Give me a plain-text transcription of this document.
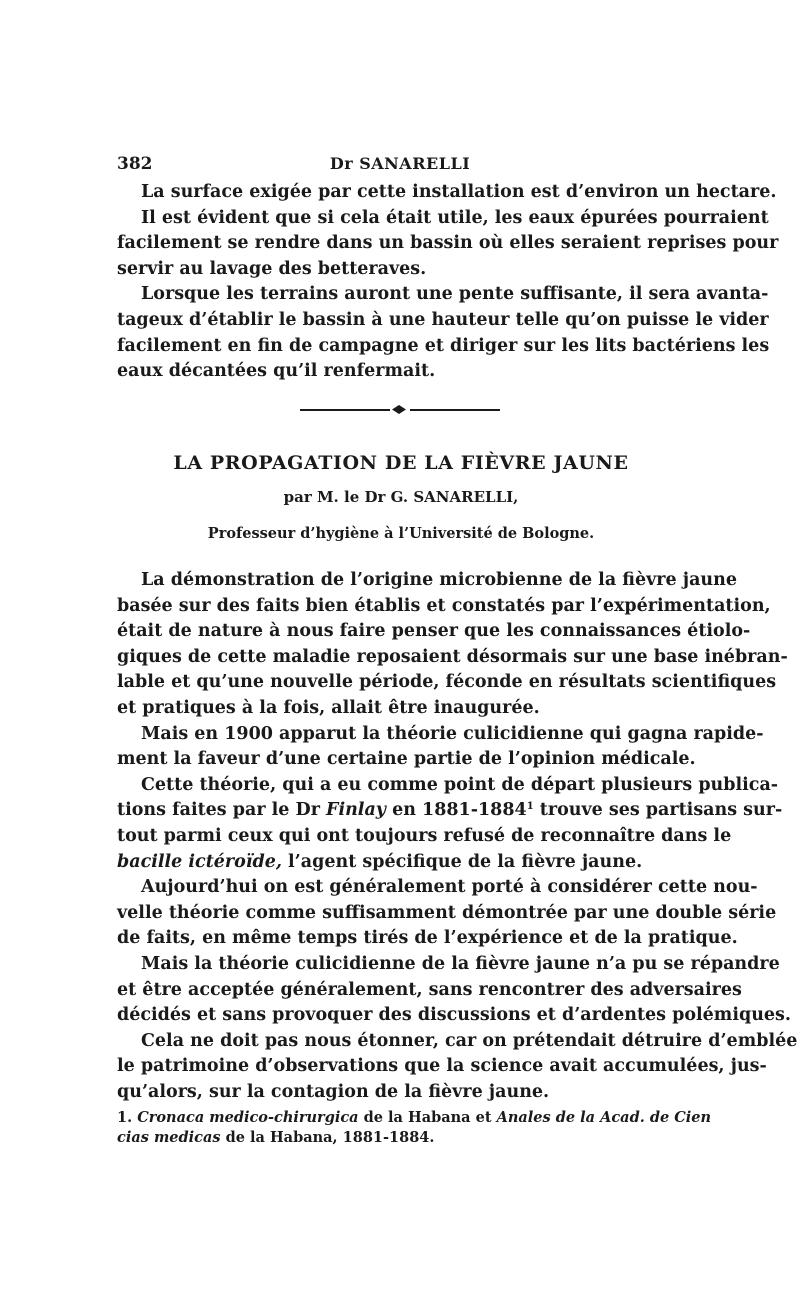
382	Dr SANARELLI
La surface exigée par cette installation est d’environ un hectare.
Il est évident que si cela était utile, les eaux épurées pourraient
facilement se rendre dans un bassin où elles seraient reprises pour
servir au lavage des betteraves.
Lorsque les terrains auront une pente suffisante, il sera avanta-
tageux d’établir le bassin à une hauteur telle qu’on puisse le vider
facilement en fin de campagne et diriger sur les lits bactériens les
eaux décantées qu’il renfermait.
LA PROPAGATION DE LA FIÈVRE JAUNE
par M. le Dr G. SANARELLI,
Professeur d’hygiène à l’Université de Bologne.
La démonstration de l’origine microbienne de la fièvre jaune
basée sur des faits bien établis et constatés par l’expérimentation,
était de nature à nous faire penser que les connaissances étiolo-
giques de cette maladie reposaient désormais sur une base inébran-
lable et qu’une nouvelle période, féconde en résultats scientifiques
et pratiques à la fois, allait être inaugurée.
Mais en 1900 apparut la théorie culicidienne qui gagna rapide-
ment la faveur d’une certaine partie de l’opinion médicale.
Cette théorie, qui a eu comme point de départ plusieurs publica-
tions faites par le Dr Finlay en 1881-1884$^1$ trouve ses partisans sur-
tout parmi ceux qui ont toujours refusé de reconnaître dans le
bacille ictéroïde, l’agent spécifique de la fièvre jaune.
Aujourd’hui on est généralement porté à considérer cette nou-
velle théorie comme suffisamment démontrée par une double série
de faits, en même temps tirés de l’expérience et de la pratique.
Mais la théorie culicidienne de la fièvre jaune n’a pu se répandre
et être acceptée généralement, sans rencontrer des adversaires
décidés et sans provoquer des discussions et d’ardentes polémiques.
Cela ne doit pas nous étonner, car on prétendait détruire d’emblée
le patrimoine d’observations que la science avait accumulées, jus-
qu’alors, sur la contagion de la fièvre jaune.
1. Cronaca medico-chirurgica de la Habana et Anales de la Acad. de Cien
cias medicas de la Habana, 1881-1884.
